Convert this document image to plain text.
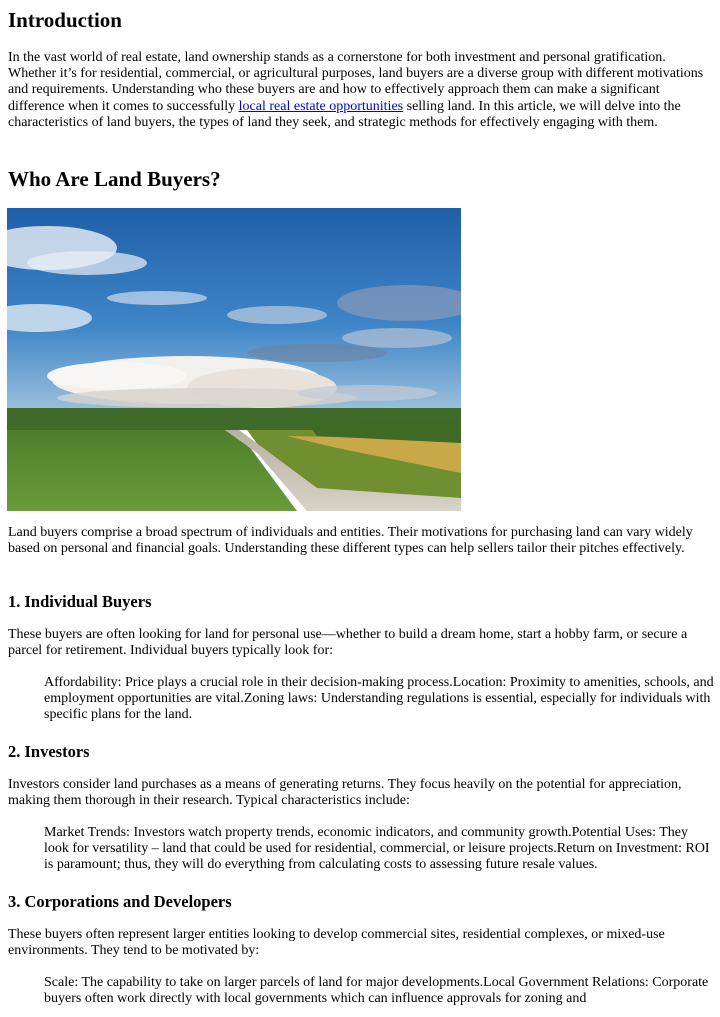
Introduction
In the vast world of real estate, land ownership stands as a cornerstone for both investment and personal gratification. Whether it’s for residential, commercial, or agricultural purposes, land buyers are a diverse group with different motivations and requirements. Understanding who these buyers are and how to effectively approach them can make a significant difference when it comes to successfully local real estate opportunities selling land. In this article, we will delve into the characteristics of land buyers, the types of land they seek, and strategic methods for effectively engaging with them.
Who Are Land Buyers?
Land buyers comprise a broad spectrum of individuals and entities. Their motivations for purchasing land can vary widely based on personal and financial goals. Understanding these different types can help sellers tailor their pitches effectively.
1. Individual Buyers
These buyers are often looking for land for personal use—whether to build a dream home, start a hobby farm, or secure a parcel for retirement. Individual buyers typically look for:
Affordability: Price plays a crucial role in their decision-making process.Location: Proximity to amenities, schools, and employment opportunities are vital.Zoning laws: Understanding regulations is essential, especially for individuals with specific plans for the land.
2. Investors
Investors consider land purchases as a means of generating returns. They focus heavily on the potential for appreciation, making them thorough in their research. Typical characteristics include:
Market Trends: Investors watch property trends, economic indicators, and community growth.Potential Uses: They look for versatility – land that could be used for residential, commercial, or leisure projects.Return on Investment: ROI is paramount; thus, they will do everything from calculating costs to assessing future resale values.
3. Corporations and Developers
These buyers often represent larger entities looking to develop commercial sites, residential complexes, or mixed-use environments. They tend to be motivated by:
Scale: The capability to take on larger parcels of land for major developments.Local Government Relations: Corporate buyers often work directly with local governments which can influence approvals for zoning and
